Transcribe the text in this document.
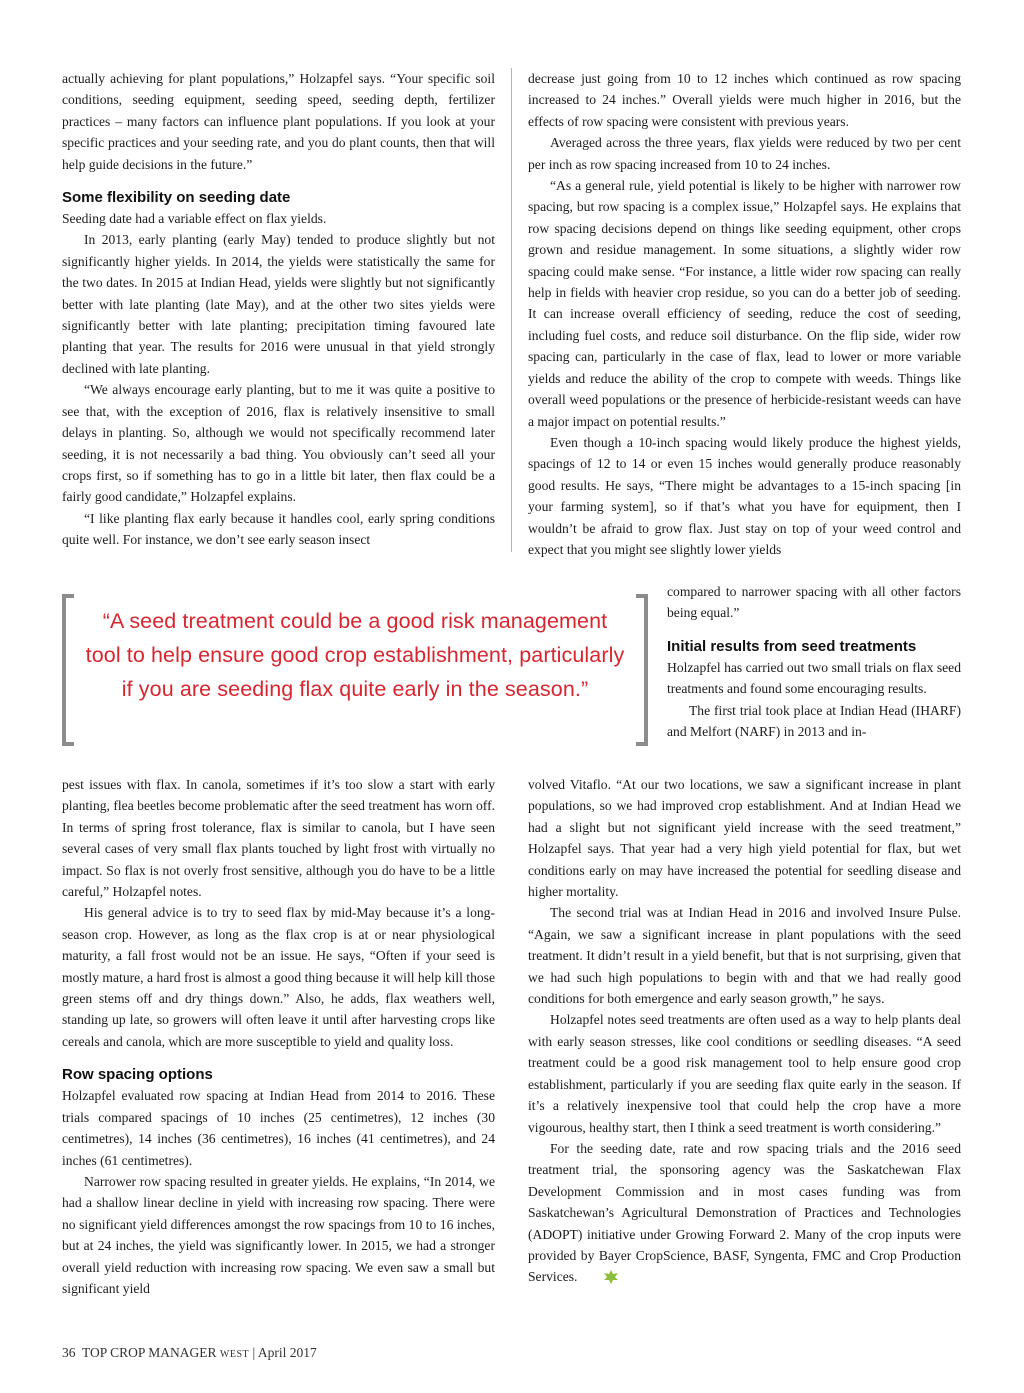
actually achieving for plant populations,” Holzapfel says. “Your specific soil conditions, seeding equipment, seeding speed, seeding depth, fertilizer practices – many factors can influence plant populations. If you look at your specific practices and your seeding rate, and you do plant counts, then that will help guide decisions in the future.”

Some flexibility on seeding date

Seeding date had a variable effect on flax yields.

In 2013, early planting (early May) tended to produce slightly but not significantly higher yields. In 2014, the yields were statistically the same for the two dates. In 2015 at Indian Head, yields were slightly but not significantly better with late planting (late May), and at the other two sites yields were significantly better with late planting; precipitation timing favoured late planting that year. The results for 2016 were unusual in that yield strongly declined with late planting.

“We always encourage early planting, but to me it was quite a positive to see that, with the exception of 2016, flax is relatively insensitive to small delays in planting. So, although we would not specifically recommend later seeding, it is not necessarily a bad thing. You obviously can’t seed all your crops first, so if something has to go in a little bit later, then flax could be a fairly good candidate,” Holzapfel explains.

“I like planting flax early because it handles cool, early spring conditions quite well. For instance, we don’t see early season insect

“A seed treatment could be a good risk management tool to help ensure good crop establishment, particularly if you are seeding flax quite early in the season.”

pest issues with flax. In canola, sometimes if it’s too slow a start with early planting, flea beetles become problematic after the seed treatment has worn off. In terms of spring frost tolerance, flax is similar to canola, but I have seen several cases of very small flax plants touched by light frost with virtually no impact. So flax is not overly frost sensitive, although you do have to be a little careful,” Holzapfel notes.

His general advice is to try to seed flax by mid-May because it’s a long-season crop. However, as long as the flax crop is at or near physiological maturity, a fall frost would not be an issue. He says, “Often if your seed is mostly mature, a hard frost is almost a good thing because it will help kill those green stems off and dry things down.” Also, he adds, flax weathers well, standing up late, so growers will often leave it until after harvesting crops like cereals and canola, which are more susceptible to yield and quality loss.

Row spacing options

Holzapfel evaluated row spacing at Indian Head from 2014 to 2016. These trials compared spacings of 10 inches (25 centimetres), 12 inches (30 centimetres), 14 inches (36 centimetres), 16 inches (41 centimetres), and 24 inches (61 centimetres).

Narrower row spacing resulted in greater yields. He explains, “In 2014, we had a shallow linear decline in yield with increasing row spacing. There were no significant yield differences amongst the row spacings from 10 to 16 inches, but at 24 inches, the yield was significantly lower. In 2015, we had a stronger overall yield reduction with increasing row spacing. We even saw a small but significant yield

decrease just going from 10 to 12 inches which continued as row spacing increased to 24 inches.” Overall yields were much higher in 2016, but the effects of row spacing were consistent with previous years.

Averaged across the three years, flax yields were reduced by two per cent per inch as row spacing increased from 10 to 24 inches.

“As a general rule, yield potential is likely to be higher with narrower row spacing, but row spacing is a complex issue,” Holzapfel says. He explains that row spacing decisions depend on things like seeding equipment, other crops grown and residue management. In some situations, a slightly wider row spacing could make sense. “For instance, a little wider row spacing can really help in fields with heavier crop residue, so you can do a better job of seeding. It can increase overall efficiency of seeding, reduce the cost of seeding, including fuel costs, and reduce soil disturbance. On the flip side, wider row spacing can, particularly in the case of flax, lead to lower or more variable yields and reduce the ability of the crop to compete with weeds. Things like overall weed populations or the presence of herbicide-resistant weeds can have a major impact on potential results.”

Even though a 10-inch spacing would likely produce the highest yields, spacings of 12 to 14 or even 15 inches would generally produce reasonably good results. He says, “There might be advantages to a 15-inch spacing [in your farming system], so if that’s what you have for equipment, then I wouldn’t be afraid to grow flax. Just stay on top of your weed control and expect that you might see slightly lower yields

compared to narrower spacing with all other factors being equal.”

Initial results from seed treatments

Holzapfel has carried out two small trials on flax seed treatments and found some encouraging results.

The first trial took place at Indian Head (IHARF) and Melfort (NARF) in 2013 and in-

volved Vitaflo. “At our two locations, we saw a significant increase in plant populations, so we had improved crop establishment. And at Indian Head we had a slight but not significant yield increase with the seed treatment,” Holzapfel says. That year had a very high yield potential for flax, but wet conditions early on may have increased the potential for seedling disease and higher mortality.

The second trial was at Indian Head in 2016 and involved Insure Pulse. “Again, we saw a significant increase in plant populations with the seed treatment. It didn’t result in a yield benefit, but that is not surprising, given that we had such high populations to begin with and that we had really good conditions for both emergence and early season growth,” he says.

Holzapfel notes seed treatments are often used as a way to help plants deal with early season stresses, like cool conditions or seedling diseases. “A seed treatment could be a good risk management tool to help ensure good crop establishment, particularly if you are seeding flax quite early in the season. If it’s a relatively inexpensive tool that could help the crop have a more vigourous, healthy start, then I think a seed treatment is worth considering.”

For the seeding date, rate and row spacing trials and the 2016 seed treatment trial, the sponsoring agency was the Saskatchewan Flax Development Commission and in most cases funding was from Saskatchewan’s Agricultural Demonstration of Practices and Technologies (ADOPT) initiative under Growing Forward 2. Many of the crop inputs were provided by Bayer CropScience, BASF, Syngenta, FMC and Crop Production Services.

36 TOP CROP MANAGER WEST | April 2017
